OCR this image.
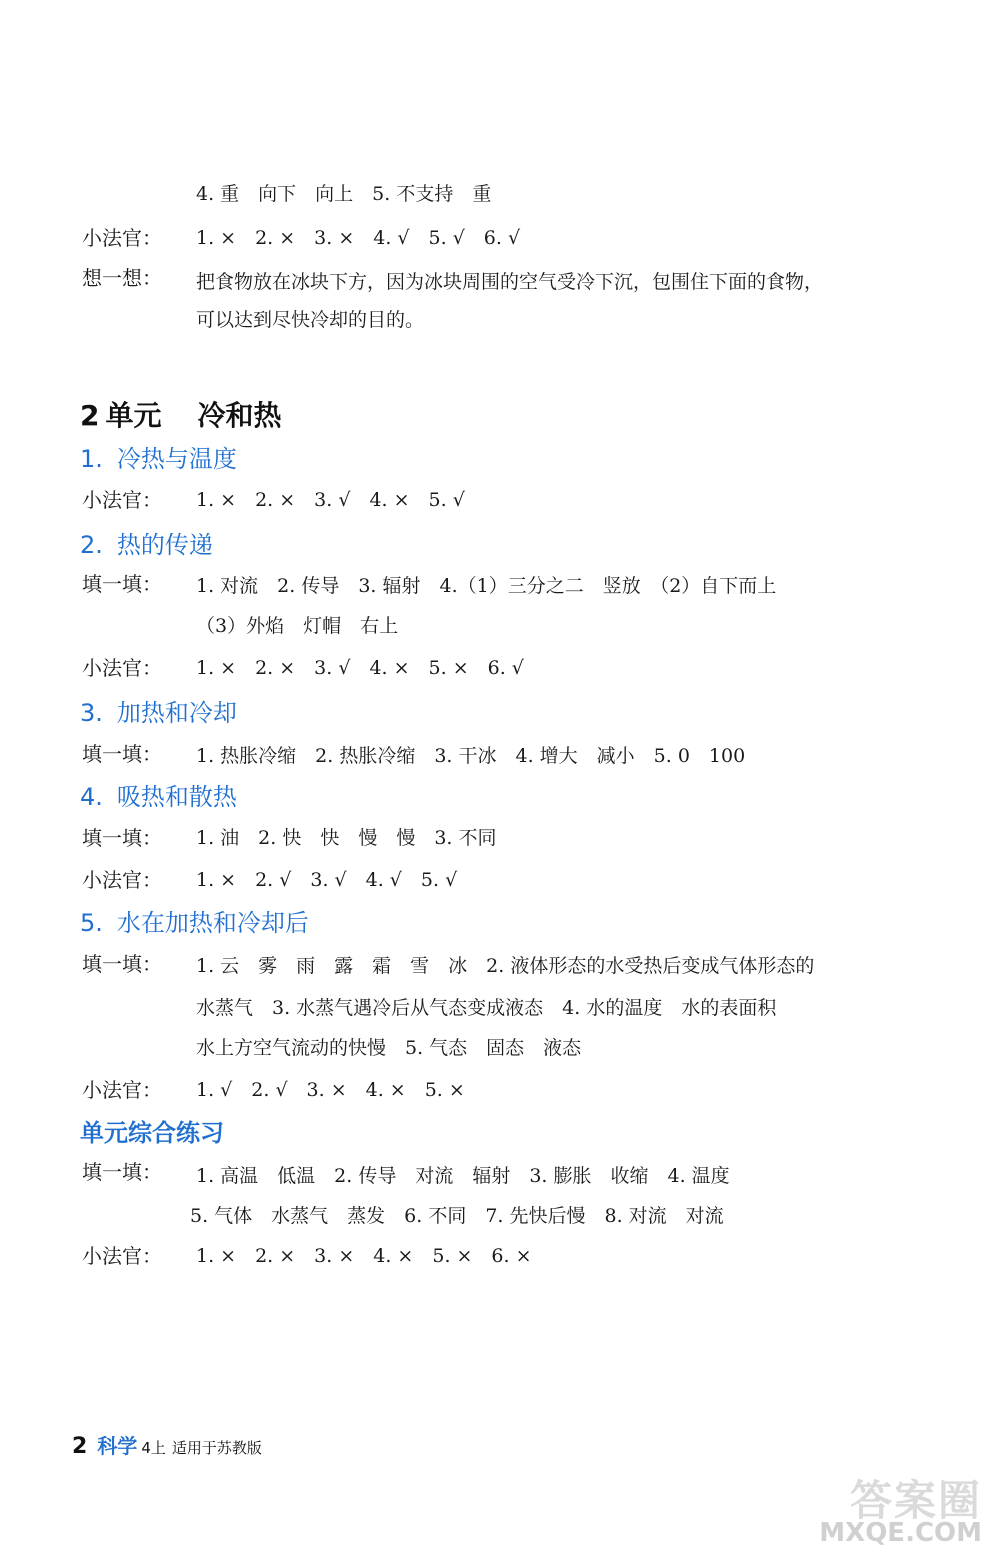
4. 重　向下　向上　5. 不支持　重
小法官： 1. ×　2. ×　3. ×　4. √　5. √　6. √
想一想： 把食物放在冰块下方，因为冰块周围的空气受冷下沉，包围住下面的食物，
可以达到尽快冷却的目的。
2 单元 冷和热
1. 冷热与温度
小法官： 1. ×　2. ×　3. √　4. ×　5. √
2. 热的传递
填一填： 1. 对流　2. 传导　3. 辐射　4.（1）三分之二　竖放　（2）自下而上
（3）外焰　灯帽　右上
小法官： 1. ×　2. ×　3. √　4. ×　5. ×　6. √
3. 加热和冷却
填一填： 1. 热胀冷缩　2. 热胀冷缩　3. 干冰　4. 增大　减小　5. 0　100
4. 吸热和散热
填一填： 1. 油　2. 快　快　慢　慢　3. 不同
小法官： 1. ×　2. √　3. √　4. √　5. √
5. 水在加热和冷却后
填一填： 1. 云　雾　雨　露　霜　雪　冰　2. 液体形态的水受热后变成气体形态的
水蒸气　3. 水蒸气遇冷后从气态变成液态　4. 水的温度　水的表面积
水上方空气流动的快慢　5. 气态　固态　液态
小法官： 1. √　2. √　3. ×　4. ×　5. ×
单元综合练习
填一填： 1. 高温　低温　2. 传导　对流　辐射　3. 膨胀　收缩　4. 温度
5. 气体　水蒸气　蒸发　6. 不同　7. 先快后慢　8. 对流　对流
小法官： 1. ×　2. ×　3. ×　4. ×　5. ×　6. ×
2 科学 4上 适用于苏教版
答案圈
MXQE.COM
